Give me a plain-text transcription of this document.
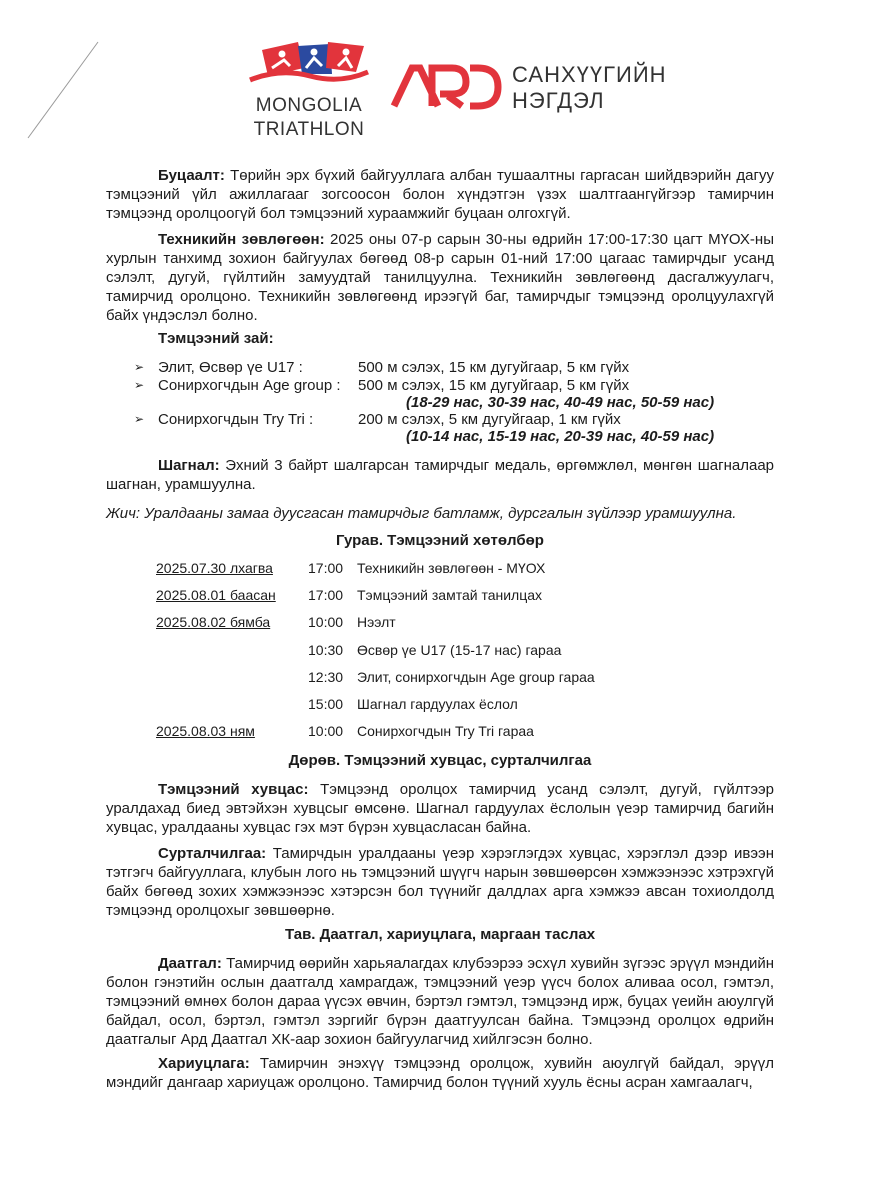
MONGOLIA
TRIATHLON
САНХҮҮГИЙН
НЭГДЭЛ
Буцаалт: Төрийн эрх бүхий байгууллага албан тушаалтны гаргасан шийдвэрийн дагуу тэмцээний үйл ажиллагааг зогсоосон болон хүндэтгэн үзэх шалтгаангүйгээр тамирчин тэмцээнд оролцоогүй бол тэмцээний хураамжийг буцаан олгохгүй.
Техникийн зөвлөгөөн: 2025 оны 07-р сарын 30-ны өдрийн 17:00-17:30 цагт МҮОХ-ны хурлын танхимд зохион байгуулах бөгөөд 08-р сарын 01-ний 17:00 цагаас тамирчдыг усанд сэлэлт, дугуй, гүйлтийн замуудтай танилцуулна. Техникийн зөвлөгөөнд дасгалжуулагч, тамирчид оролцоно. Техникийн зөвлөгөөнд ирээгүй баг, тамирчдыг тэмцээнд оролцуулахгүй байх үндэслэл болно.
Тэмцээний зай:
➢ Элит, Өсвөр үе U17 :	500 м сэлэх, 15 км дугуйгаар, 5 км гүйх
➢ Сонирхогчдын Age group : 500 м сэлэх, 15 км дугуйгаар, 5 км гүйх
(18-29 нас, 30-39 нас, 40-49 нас, 50-59 нас)
➢ Сонирхогчдын Try Tri :	200 м сэлэх, 5 км дугуйгаар, 1 км гүйх
(10-14 нас, 15-19 нас, 20-39 нас, 40-59 нас)
Шагнал: Эхний 3 байрт шалгарсан тамирчдыг медаль, өргөмжлөл, мөнгөн шагналаар шагнан, урамшуулна.
Жич: Уралдааны замаа дуусгасан тамирчдыг батламж, дурсгалын зүйлээр урамшуулна.
Гурав. Тэмцээний хөтөлбөр
2025.07.30 лхагва	17:00 Техникийн зөвлөгөөн - МҮОХ
2025.08.01 баасан 17:00 Тэмцээний замтай танилцах
2025.08.02 бямба	10:00 Нээлт
10:30 Өсвөр үе U17 (15-17 нас) гараа
12:30 Элит, сонирхогчдын Age group гараа
15:00 Шагнал гардуулах ёслол
2025.08.03 ням	10:00 Сонирхогчдын Try Tri гараа
Дөрөв. Тэмцээний хувцас, сурталчилгаа
Тэмцээний хувцас: Тэмцээнд оролцох тамирчид усанд сэлэлт, дугуй, гүйлтээр уралдахад биед эвтэйхэн хувцсыг өмсөнө. Шагнал гардуулах ёслолын үеэр тамирчид багийн хувцас, уралдааны хувцас гэх мэт бүрэн хувцасласан байна.
Сурталчилгаа: Тамирчдын уралдааны үеэр хэрэглэгдэх хувцас, хэрэглэл дээр ивээн тэтгэгч байгууллага, клубын лого нь тэмцээний шүүгч нарын зөвшөөрсөн хэмжээнээс хэтрэхгүй байх бөгөөд зохих хэмжээнээс хэтэрсэн бол түүнийг далдлах арга хэмжээ авсан тохиолдолд тэмцээнд оролцохыг зөвшөөрнө.
Тав. Даатгал, хариуцлага, маргаан таслах
Даатгал: Тамирчид өөрийн харьяалагдах клубээрээ эсхүл хувийн зүгээс эрүүл мэндийн болон гэнэтийн ослын даатгалд хамрагдаж, тэмцээний үеэр үүсч болох аливаа осол, гэмтэл, тэмцээний өмнөх болон дараа үүсэх өвчин, бэртэл гэмтэл, тэмцээнд ирж, буцах үеийн аюулгүй байдал, осол, бэртэл, гэмтэл зэргийг бүрэн даатгуулсан байна. Тэмцээнд оролцох өдрийн даатгалыг Ард Даатгал ХК-аар зохион байгуулагчид хийлгэсэн болно.
Хариуцлага: Тамирчин энэхүү тэмцээнд оролцож, хувийн аюулгүй байдал, эрүүл мэндийг дангаар хариуцаж оролцоно. Тамирчид болон түүний хууль ёсны асран хамгаалагч,
